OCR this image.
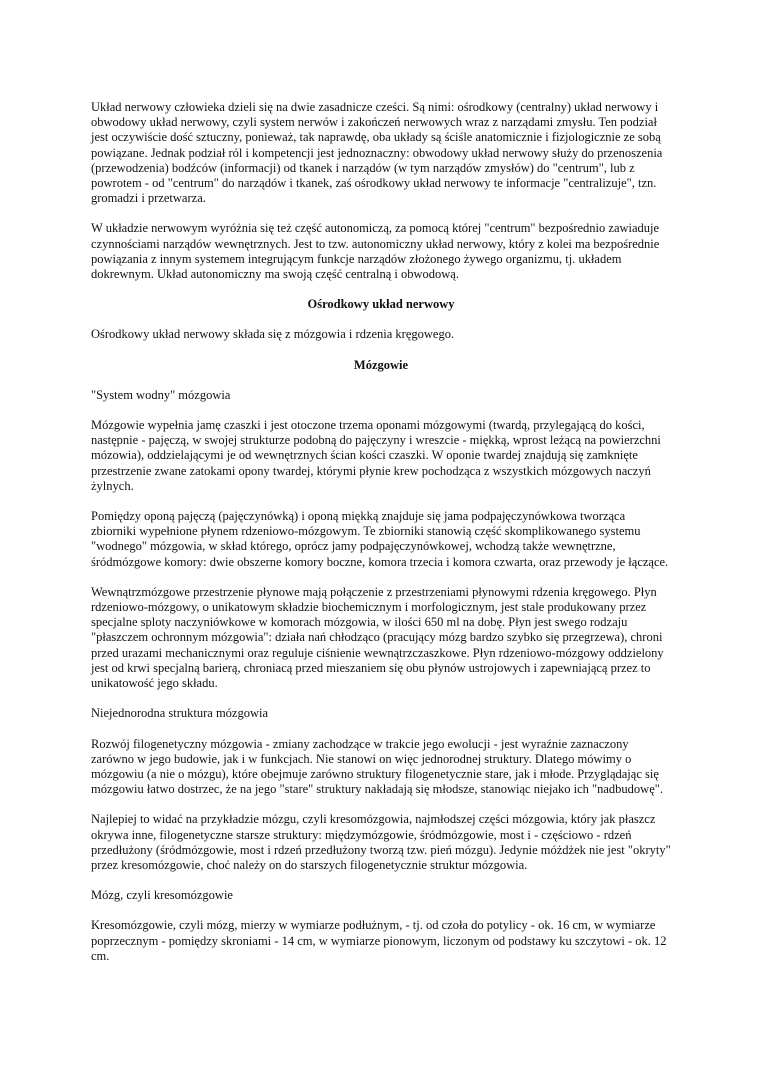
Układ nerwowy człowieka dzieli się na dwie zasadnicze cześci. Są nimi: ośrodkowy (centralny) układ nerwowy i obwodowy układ nerwowy, czyli system nerwów i zakończeń nerwowych wraz z narządami zmysłu. Ten podział jest oczywiście dość sztuczny, ponieważ, tak naprawdę, oba układy są ściśle anatomicznie i fizjologicznie ze sobą powiązane. Jednak podział ról i kompetencji jest jednoznaczny: obwodowy układ nerwowy służy do przenoszenia (przewodzenia) bodźców (informacji) od tkanek i narządów (w tym narządów zmysłów) do "centrum", lub z powrotem - od "centrum" do narządów i tkanek, zaś ośrodkowy układ nerwowy te informacje "centralizuje", tzn. gromadzi i przetwarza.

W układzie nerwowym wyróżnia się też część autonomiczą, za pomocą której "centrum" bezpośrednio zawiaduje czynnościami narządów wewnętrznych. Jest to tzw. autonomiczny układ nerwowy, który z kolei ma bezpośrednie powiązania z innym systemem integrującym funkcje narządów złożonego żywego organizmu, tj. układem dokrewnym. Układ autonomiczny ma swoją część centralną i obwodową.

Ośrodkowy układ nerwowy

Ośrodkowy układ nerwowy składa się z mózgowia i rdzenia kręgowego.

Mózgowie

"System wodny" mózgowia

Mózgowie wypełnia jamę czaszki i jest otoczone trzema oponami mózgowymi (twardą, przylegającą do kości, następnie - pajęczą, w swojej strukturze podobną do pajęczyny i wreszcie - miękką, wprost leżącą na powierzchni mózowia), oddzielającymi je od wewnętrznych ścian kości czaszki. W oponie twardej znajdują się zamknięte przestrzenie zwane zatokami opony twardej, którymi płynie krew pochodząca z wszystkich mózgowych naczyń żylnych.

Pomiędzy oponą pajęczą (pajęczynówką) i oponą miękką znajduje się jama podpajęczynówkowa tworząca zbiorniki wypełnione płynem rdzeniowo-mózgowym. Te zbiorniki stanowią część skomplikowanego systemu "wodnego" mózgowia, w skład którego, oprócz jamy podpajęczynówkowej, wchodzą także wewnętrzne, śródmózgowe komory: dwie obszerne komory boczne, komora trzecia i komora czwarta, oraz przewody je łączące.

Wewnątrzmózgowe przestrzenie płynowe mają połączenie z przestrzeniami płynowymi rdzenia kręgowego. Płyn rdzeniowo-mózgowy, o unikatowym składzie biochemicznym i morfologicznym, jest stale produkowany przez specjalne sploty naczyniówkowe w komorach mózgowia, w ilości 650 ml na dobę. Płyn jest swego rodzaju "płaszczem ochronnym mózgowia": działa nań chłodząco (pracujący mózg bardzo szybko się przegrzewa), chroni przed urazami mechanicznymi oraz reguluje ciśnienie wewnątrzczaszkowe. Płyn rdzeniowo-mózgowy oddzielony jest od krwi specjalną barierą, chroniacą przed mieszaniem się obu płynów ustrojowych i zapewniającą przez to unikatowość jego składu.

Niejednorodna struktura mózgowia

Rozwój filogenetyczny mózgowia - zmiany zachodzące w trakcie jego ewolucji - jest wyraźnie zaznaczony zarówno w jego budowie, jak i w funkcjach. Nie stanowi on więc jednorodnej struktury. Dlatego mówimy o mózgowiu (a nie o mózgu), które obejmuje zarówno struktury filogenetycznie stare, jak i młode. Przyglądając się mózgowiu łatwo dostrzec, że na jego "stare" struktury nakładają się młodsze, stanowiąc niejako ich "nadbudowę".

Najlepiej to widać na przykładzie mózgu, czyli kresomózgowia, najmłodszej części mózgowia, który jak płaszcz okrywa inne, filogenetyczne starsze struktury: międzymózgowie, śródmózgowie, most i - częściowo - rdzeń przedłużony (śródmózgowie, most i rdzeń przedłużony tworzą tzw. pień mózgu). Jedynie móżdżek nie jest "okryty" przez kresomózgowie, choć należy on do starszych filogenetycznie struktur mózgowia.

Mózg, czyli kresomózgowie

Kresomózgowie, czyli mózg, mierzy w wymiarze podłużnym, - tj. od czoła do potylicy - ok. 16 cm, w wymiarze poprzecznym - pomiędzy skroniami - 14 cm, w wymiarze pionowym, liczonym od podstawy ku szczytowi - ok. 12 cm.
